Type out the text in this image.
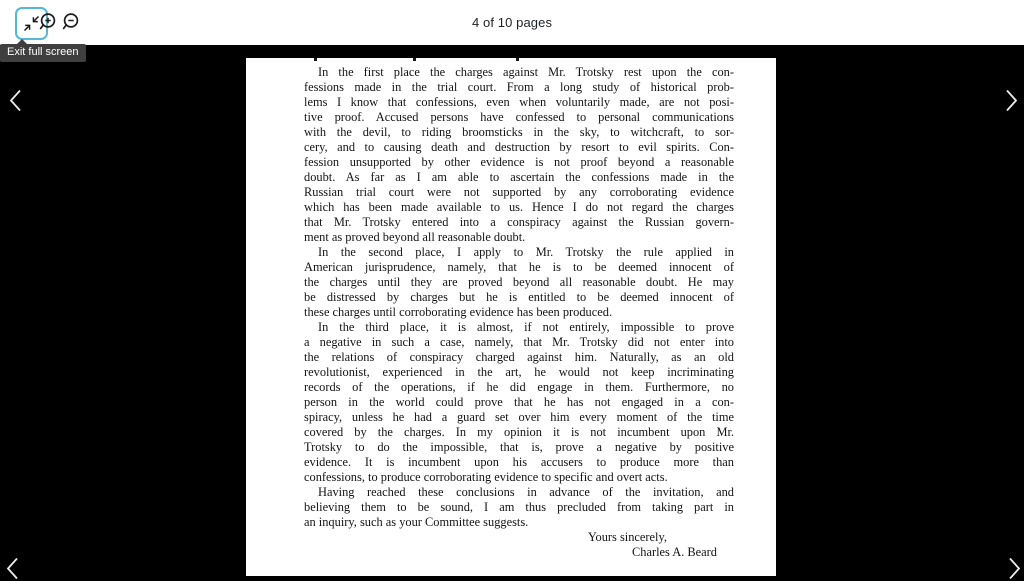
4 of 10 pages
Exit full screen
In the first place the charges against Mr. Trotsky rest upon the con-
fessions made in the trial court. From a long study of historical prob-
lems I know that confessions, even when voluntarily made, are not posi-
tive proof. Accused persons have confessed to personal communications
with the devil, to riding broomsticks in the sky, to witchcraft, to sor-
cery, and to causing death and destruction by resort to evil spirits. Con-
fession unsupported by other evidence is not proof beyond a reasonable
doubt. As far as I am able to ascertain the confessions made in the
Russian trial court were not supported by any corroborating evidence
which has been made available to us. Hence I do not regard the charges
that Mr. Trotsky entered into a conspiracy against the Russian govern-
ment as proved beyond all reasonable doubt.
In the second place, I apply to Mr. Trotsky the rule applied in
American jurisprudence, namely, that he is to be deemed innocent of
the charges until they are proved beyond all reasonable doubt. He may
be distressed by charges but he is entitled to be deemed innocent of
these charges until corroborating evidence has been produced.
In the third place, it is almost, if not entirely, impossible to prove
a negative in such a case, namely, that Mr. Trotsky did not enter into
the relations of conspiracy charged against him. Naturally, as an old
revolutionist, experienced in the art, he would not keep incriminating
records of the operations, if he did engage in them. Furthermore, no
person in the world could prove that he has not engaged in a con-
spiracy, unless he had a guard set over him every moment of the time
covered by the charges. In my opinion it is not incumbent upon Mr.
Trotsky to do the impossible, that is, prove a negative by positive
evidence. It is incumbent upon his accusers to produce more than
confessions, to produce corroborating evidence to specific and overt acts.
Having reached these conclusions in advance of the invitation, and
believing them to be sound, I am thus precluded from taking part in
an inquiry, such as your Committee suggests.
Yours sincerely,
Charles A. Beard
